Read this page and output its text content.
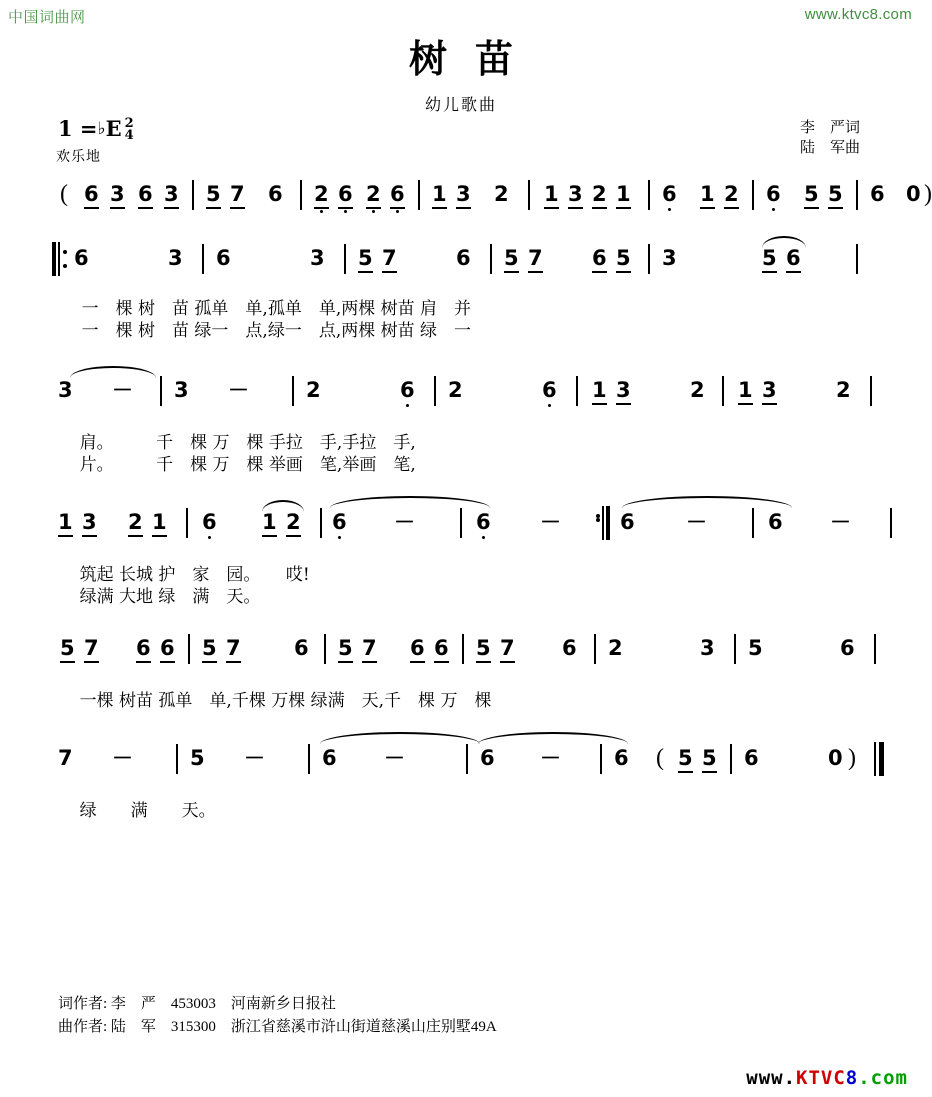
中国词曲网	www.ktvc8.com
树苗
幼儿歌曲
1 =♭E 2
4
欢乐地
李　严词
陆　军曲
( 6 3 6 3 5 7 6 2 6 2 6 1 3 2 1 3 2 1 6 1 2 6 5 5 6 0 )
6	3 6	3 5 7	6 5 7 6 5 3	5 6

一　棵 树　苗 孤单　单,孤单　单,两棵 树苗 肩　并

一　棵 树　苗 绿一　点,绿一　点,两棵 树苗 绿　一

3 － 3 －	2	6 2	6 1 3	2 1 3	2

肩。　　　千　棵 万　棵 手拉　手,手拉　手,

片。　　　千　棵 万　棵 举画　笔,举画　笔,

1 3 2 1 6 1 2 6 －	6 －	6 －	6 －

筑起 长城 护　家　园。　　哎!

绿满 大地 绿　满　天。

5 7 6 6 5 7	6 5 7 6 6 5 7 6 2	3 5	6

一棵 树苗 孤单　单,千棵 万棵 绿满　天,千　棵 万　棵

7 －	5 －	6 －	6 －	6 ( 5 5 6	0 )

绿　　满　　天。

词作者: 李　严　453003　河南新乡日报社
曲作者: 陆　军　315300　浙江省慈溪市浒山街道慈溪山庄别墅49A
www.KTVC8.com
